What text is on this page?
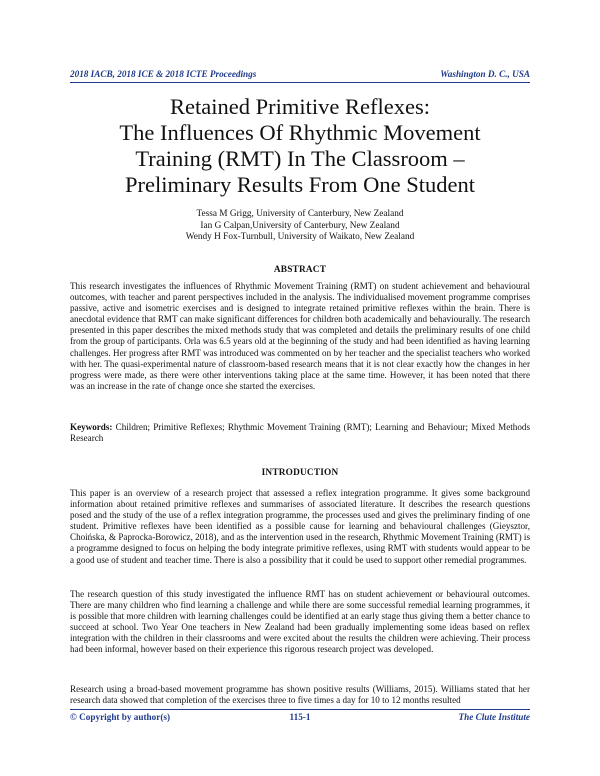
2018 IACB, 2018 ICE & 2018 ICTE Proceedings	Washington D. C., USA
Retained Primitive Reflexes:
The Influences Of Rhythmic Movement
Training (RMT) In The Classroom –
Preliminary Results From One Student
Tessa M Grigg, University of Canterbury, New Zealand
Ian G Calpan,University of Canterbury, New Zealand
Wendy H Fox-Turnbull, University of Waikato, New Zealand
ABSTRACT
This research investigates the influences of Rhythmic Movement Training (RMT) on student achievement and behavioural outcomes, with teacher and parent perspectives included in the analysis. The individualised movement programme comprises passive, active and isometric exercises and is designed to integrate retained primitive reflexes within the brain. There is anecdotal evidence that RMT can make significant differences for children both academically and behaviourally. The research presented in this paper describes the mixed methods study that was completed and details the preliminary results of one child from the group of participants. Orla was 6.5 years old at the beginning of the study and had been identified as having learning challenges. Her progress after RMT was introduced was commented on by her teacher and the specialist teachers who worked with her. The quasi-experimental nature of classroom-based research means that it is not clear exactly how the changes in her progress were made, as there were other interventions taking place at the same time. However, it has been noted that there was an increase in the rate of change once she started the exercises.
Keywords: Children; Primitive Reflexes; Rhythmic Movement Training (RMT); Learning and Behaviour; Mixed Methods Research
INTRODUCTION
This paper is an overview of a research project that assessed a reflex integration programme. It gives some background information about retained primitive reflexes and summarises of associated literature. It describes the research questions posed and the study of the use of a reflex integration programme, the processes used and gives the preliminary finding of one student. Primitive reflexes have been identified as a possible cause for learning and behavioural challenges (Gieysztor, Choińska, & Paprocka-Borowicz, 2018), and as the intervention used in the research, Rhythmic Movement Training (RMT) is a programme designed to focus on helping the body integrate primitive reflexes, using RMT with students would appear to be a good use of student and teacher time. There is also a possibility that it could be used to support other remedial programmes.
The research question of this study investigated the influence RMT has on student achievement or behavioural outcomes. There are many children who find learning a challenge and while there are some successful remedial learning programmes, it is possible that more children with learning challenges could be identified at an early stage thus giving them a better chance to succeed at school. Two Year One teachers in New Zealand had been gradually implementing some ideas based on reflex integration with the children in their classrooms and were excited about the results the children were achieving. Their process had been informal, however based on their experience this rigorous research project was developed.
Research using a broad-based movement programme has shown positive results (Williams, 2015). Williams stated that her research data showed that completion of the exercises three to five times a day for 10 to 12 months resulted
© Copyright by author(s)	115-1	The Clute Institute
